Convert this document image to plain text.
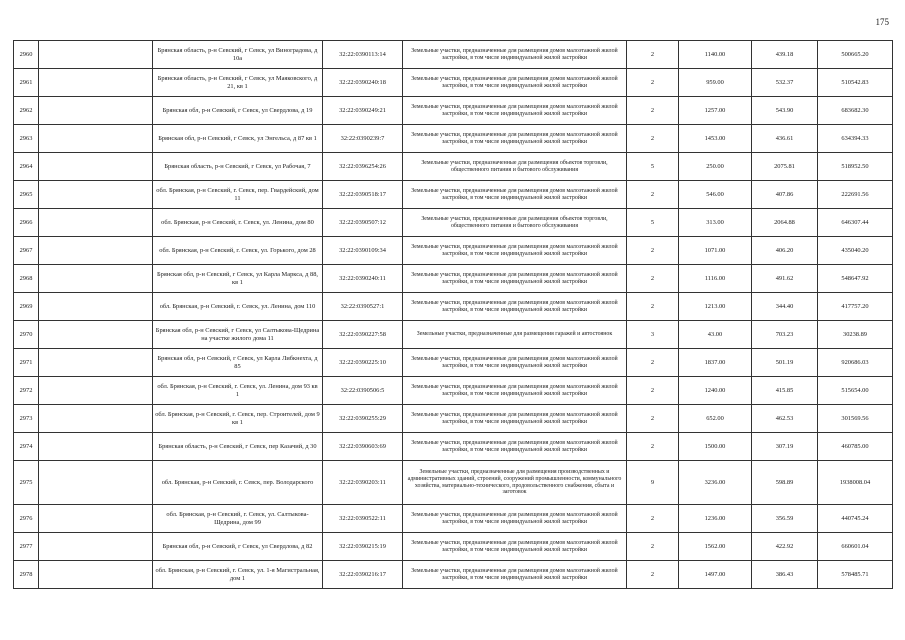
175
2960		Брянская область, р-н Севский, г Севск, ул Виноградова, д 10а	32:22:0390113:14	Земельные участки, предназначенные для размещения домов малоэтажной жилой застройки, в том числе индивидуальной жилой застройки	2	1140.00	439.18	500665.20
2961		Брянская область, р-н Севский, г Севск, ул Маяковского, д 21, кв 1	32:22:0390240:18	Земельные участки, предназначенные для размещения домов малоэтажной жилой застройки, в том числе индивидуальной жилой застройки	2	959.00	532.37	510542.83
2962		Брянская обл, р-н Севский, г Севск, ул Свердлова, д 19	32:22:0390249:21	Земельные участки, предназначенные для размещения домов малоэтажной жилой застройки, в том числе индивидуальной жилой застройки	2	1257.00	543.90	683682.30
2963		Брянская обл, р-н Севский, г Севск, ул Энгельса, д 87 кв 1	32:22:0390239:7	Земельные участки, предназначенные для размещения домов малоэтажной жилой застройки, в том числе индивидуальной жилой застройки	2	1453.00	436.61	634394.33
2964		Брянская область, р-н Севский, г Севск, ул Рабочая, 7	32:22:0396254:26	Земельные участки, предназначенные для размещения объектов торговли, общественного питания и бытового обслуживания	5	250.00	2075.81	518952.50
2965		обл. Брянская, р-н Севский, г. Севск, пер. Гвардейский, дом 11	32:22:0390518:17	Земельные участки, предназначенные для размещения домов малоэтажной жилой застройки, в том числе индивидуальной жилой застройки	2	546.00	407.86	222691.56
2966		обл. Брянская, р-н Севский, г. Севск, ул. Ленина, дом 80	32:22:0390507:12	Земельные участки, предназначенные для размещения объектов торговли, общественного питания и бытового обслуживания	5	313.00	2064.88	646307.44
2967		обл. Брянская, р-н Севский, г. Севск, ул. Горького, дом 28	32:22:0390109:34	Земельные участки, предназначенные для размещения домов малоэтажной жилой застройки, в том числе индивидуальной жилой застройки	2	1071.00	406.20	435040.20
2968		Брянская обл, р-н Севский, г Севск, ул Карла Маркса, д 88, кв 1	32:22:0390240:11	Земельные участки, предназначенные для размещения домов малоэтажной жилой застройки, в том числе индивидуальной жилой застройки	2	1116.00	491.62	548647.92
2969		обл. Брянская, р-н Севский, г. Севск, ул. Ленина, дом 110	32:22:0390527:1	Земельные участки, предназначенные для размещения домов малоэтажной жилой застройки, в том числе индивидуальной жилой застройки	2	1213.00	344.40	417757.20
2970		Брянская обл, р-н Севский, г Севск, ул Салтыкова-Щедрина на участке жилого дома 11	32:22:0390227:58	Земельные участки, предназначенные для размещения гаражей и автостоянок	3	43.00	703.23	30238.89
2971		Брянская обл, р-н Севский, г Севск, ул Карла Либкнехта, д 85	32:22:0390225:10	Земельные участки, предназначенные для размещения домов малоэтажной жилой застройки, в том числе индивидуальной жилой застройки	2	1837.00	501.19	920686.03
2972		обл. Брянская, р-н Севский, г. Севск, ул. Ленина, дом 93 кв 1	32:22:0390506:5	Земельные участки, предназначенные для размещения домов малоэтажной жилой застройки, в том числе индивидуальной жилой застройки	2	1240.00	415.85	515654.00
2973		обл. Брянская, р-н Севский, г. Севск, пер. Строителей, дом 9 кв 1	32:22:0390255:29	Земельные участки, предназначенные для размещения домов малоэтажной жилой застройки, в том числе индивидуальной жилой застройки	2	652.00	462.53	301569.56
2974		Брянская область, р-н Севский, г Севск, пер Казачий, д 30	32:22:0390603:69	Земельные участки, предназначенные для размещения домов малоэтажной жилой застройки, в том числе индивидуальной жилой застройки	2	1500.00	307.19	460785.00
2975		обл. Брянская, р-н Севский, г. Севск, пер. Володарского	32:22:0390203:11	Земельные участки, предназначенные для размещения производственных и административных зданий, строений, сооружений промышленности, коммунального хозяйства, материально-технического, продовольственного снабжения, сбыта и заготовок	9	3236.00	598.89	1938008.04
2976		обл. Брянская, р-н Севский, г. Севск, ул. Салтыкова-Щедрина, дом 99	32:22:0390522:11	Земельные участки, предназначенные для размещения домов малоэтажной жилой застройки, в том числе индивидуальной жилой застройки	2	1236.00	356.59	440745.24
2977		Брянская обл, р-н Севский, г Севск, ул Свердлова, д 82	32:22:0390215:19	Земельные участки, предназначенные для размещения домов малоэтажной жилой застройки, в том числе индивидуальной жилой застройки	2	1562.00	422.92	660601.04
2978		обл. Брянская, р-н Севский, г. Севск, ул. 1-я Магистральная, дом 1	32:22:0390216:17	Земельные участки, предназначенные для размещения домов малоэтажной жилой застройки, в том числе индивидуальной жилой застройки	2	1497.00	386.43	578485.71
